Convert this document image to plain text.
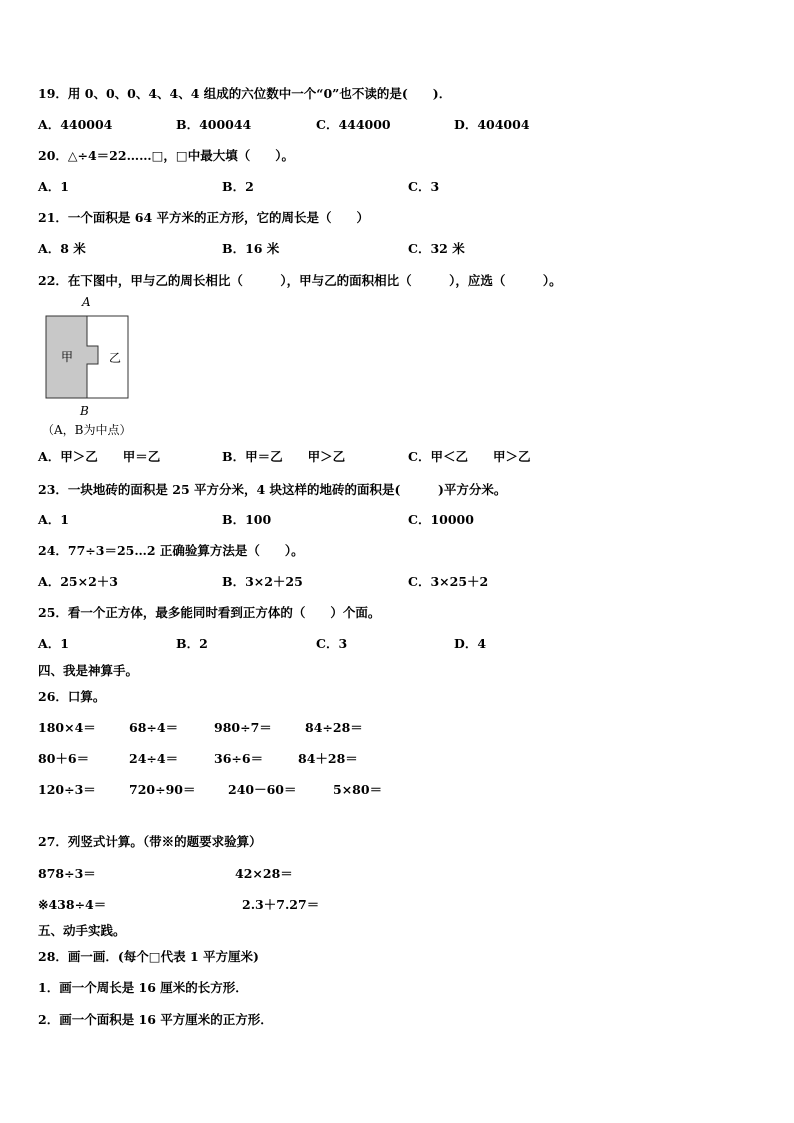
19．用 0、0、0、4、4、4 组成的六位数中一个“0”也不读的是(　　)．
A．440004	B．400044	C．444000	D．404004
20．△÷4＝22……□，□中最大填（　　）。
A．1	B．2	C．3
21．一个面积是 64 平方米的正方形，它的周长是（　　）
A．8 米	B．16 米	C．32 米
22．在下图中，甲与乙的周长相比（　　　），甲与乙的面积相比（　　　），应选（　　　）。
A
甲	乙
B
（A，B为中点）
A．甲＞乙　　甲＝乙	B．甲＝乙　　甲＞乙	C．甲＜乙　　甲＞乙
23．一块地砖的面积是 25 平方分米，4 块这样的地砖的面积是(　　　)平方分米。
A．1	B．100	C．10000
24．77÷3＝25…2 正确验算方法是（　　）。
A．25×2＋3	B．3×2＋25	C．3×25＋2
25．看一个正方体，最多能同时看到正方体的（　　）个面。
A．1	B．2	C．3	D．4
四、我是神算手。
26．口算。
180×4＝	68÷4＝	980÷7＝	84÷28＝
80＋6＝	24÷4＝	36÷6＝	84＋28＝
120÷3＝	720÷90＝	240－60＝	5×80＝
27．列竖式计算。（带※的题要求验算）
878÷3＝	42×28＝
※438÷4＝	2.3＋7.27＝
五、动手实践。
28．画一画．(每个□代表 1 平方厘米)
1．画一个周长是 16 厘米的长方形．
2．画一个面积是 16 平方厘米的正方形．
